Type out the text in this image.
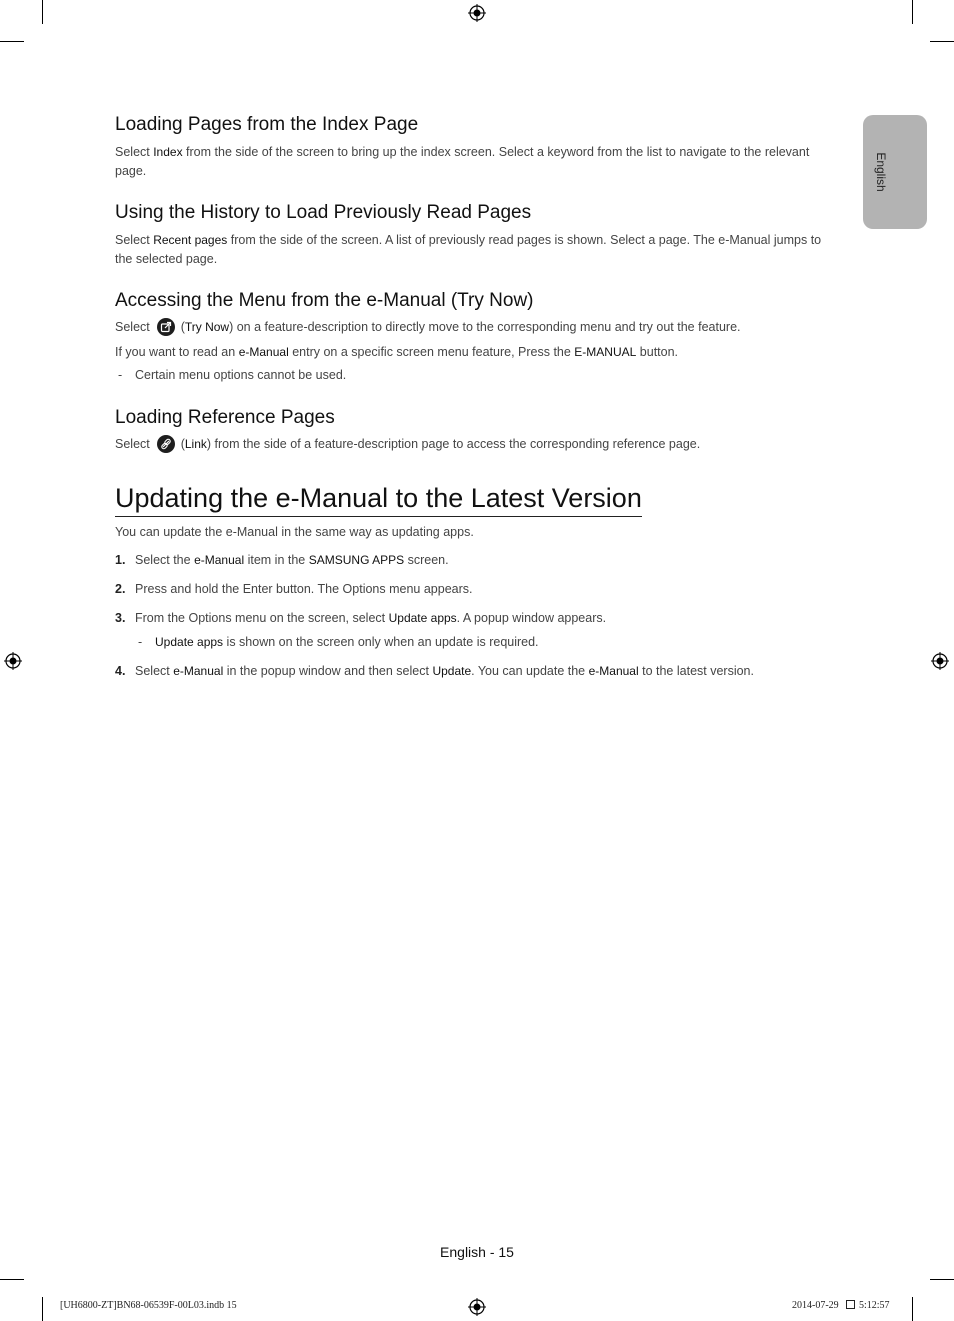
English
Loading Pages from the Index Page

Select Index from the side of the screen to bring up the index screen. Select a keyword from the list to navigate to the relevant page.

Using the History to Load Previously Read Pages

Select Recent pages from the side of the screen. A list of previously read pages is shown. Select a page. The e-Manual jumps to the selected page.

Accessing the Menu from the e-Manual (Try Now)

Select
(Try Now) on a feature-description to directly move to the corresponding menu and try out the feature.

If you want to read an e-Manual entry on a specific screen menu feature, Press the E-MANUAL button.

- Certain menu options cannot be used.
Loading Reference Pages

Select
(Link) from the side of a feature-description page to access the corresponding reference page.

Updating the e-Manual to the Latest Version

You can update the e-Manual in the same way as updating apps.

1. Select the e-Manual item in the SAMSUNG APPS screen.
2. Press and hold the Enter button. The Options menu appears.
3. From the Options menu on the screen, select Update apps. A popup window appears.
- Update apps is shown on the screen only when an update is required.
4. Select e-Manual in the popup window and then select Update. You can update the e-Manual to the latest version.
English - 15
[UH6800-ZT]BN68-06539F-00L03.indb 15	2014-07-29 5:12:57
